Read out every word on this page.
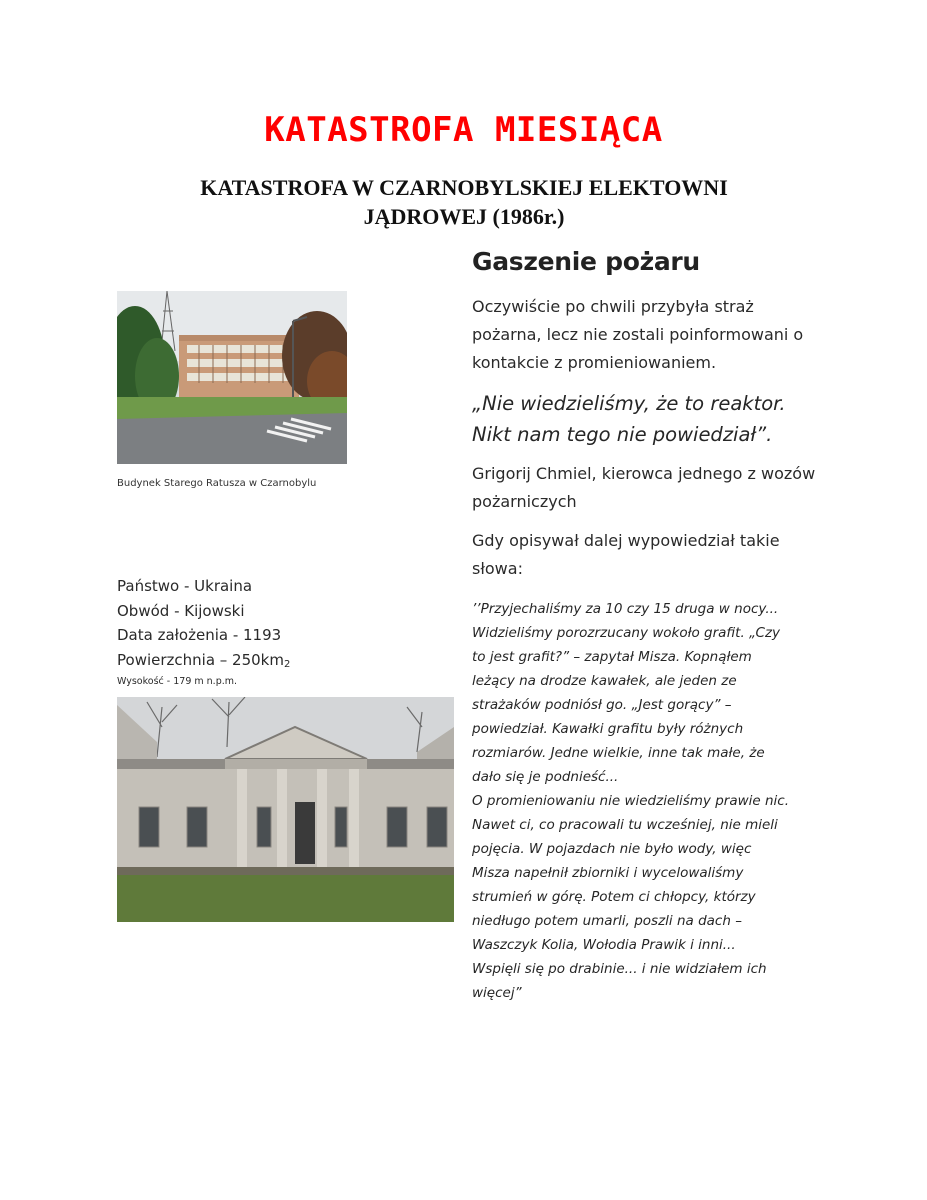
KATASTROFA MIESIĄCA
KATASTROFA W CZARNOBYLSKIEJ ELEKTOWNI
JĄDROWEJ (1986r.)
Budynek Starego Ratusza w Czarnobylu
Państwo - Ukraina
Obwód - Kijowski
Data założenia - 1193
Powierzchnia – $250km_2$
Wysokość - 179 m n.p.m.
Gaszenie pożaru
Oczywiście po chwili przybyła straż pożarna, lecz nie zostali poinformowani o kontakcie z promieniowaniem.
„Nie wiedzieliśmy, że to reaktor. Nikt nam tego nie powiedział”.
Grigorij Chmiel, kierowca jednego z wozów pożarniczych
Gdy opisywał dalej wypowiedział takie słowa:
’’Przyjechaliśmy za 10 czy 15 druga w nocy...
Widzieliśmy porozrzucany wokoło grafit. „Czy
to jest grafit?” – zapytał Misza. Kopnąłem
leżący na drodze kawałek, ale jeden ze
strażaków podniósł go. „Jest gorący” –
powiedział. Kawałki grafitu były różnych
rozmiarów. Jedne wielkie, inne tak małe, że
dało się je podnieść...
O promieniowaniu nie wiedzieliśmy prawie nic.
Nawet ci, co pracowali tu wcześniej, nie mieli
pojęcia. W pojazdach nie było wody, więc
Misza napełnił zbiorniki i wycelowaliśmy
strumień w górę. Potem ci chłopcy, którzy
niedługo potem umarli, poszli na dach –
Waszczyk Kolia, Wołodia Prawik i inni...
Wspięli się po drabinie... i nie widziałem ich
więcej”
